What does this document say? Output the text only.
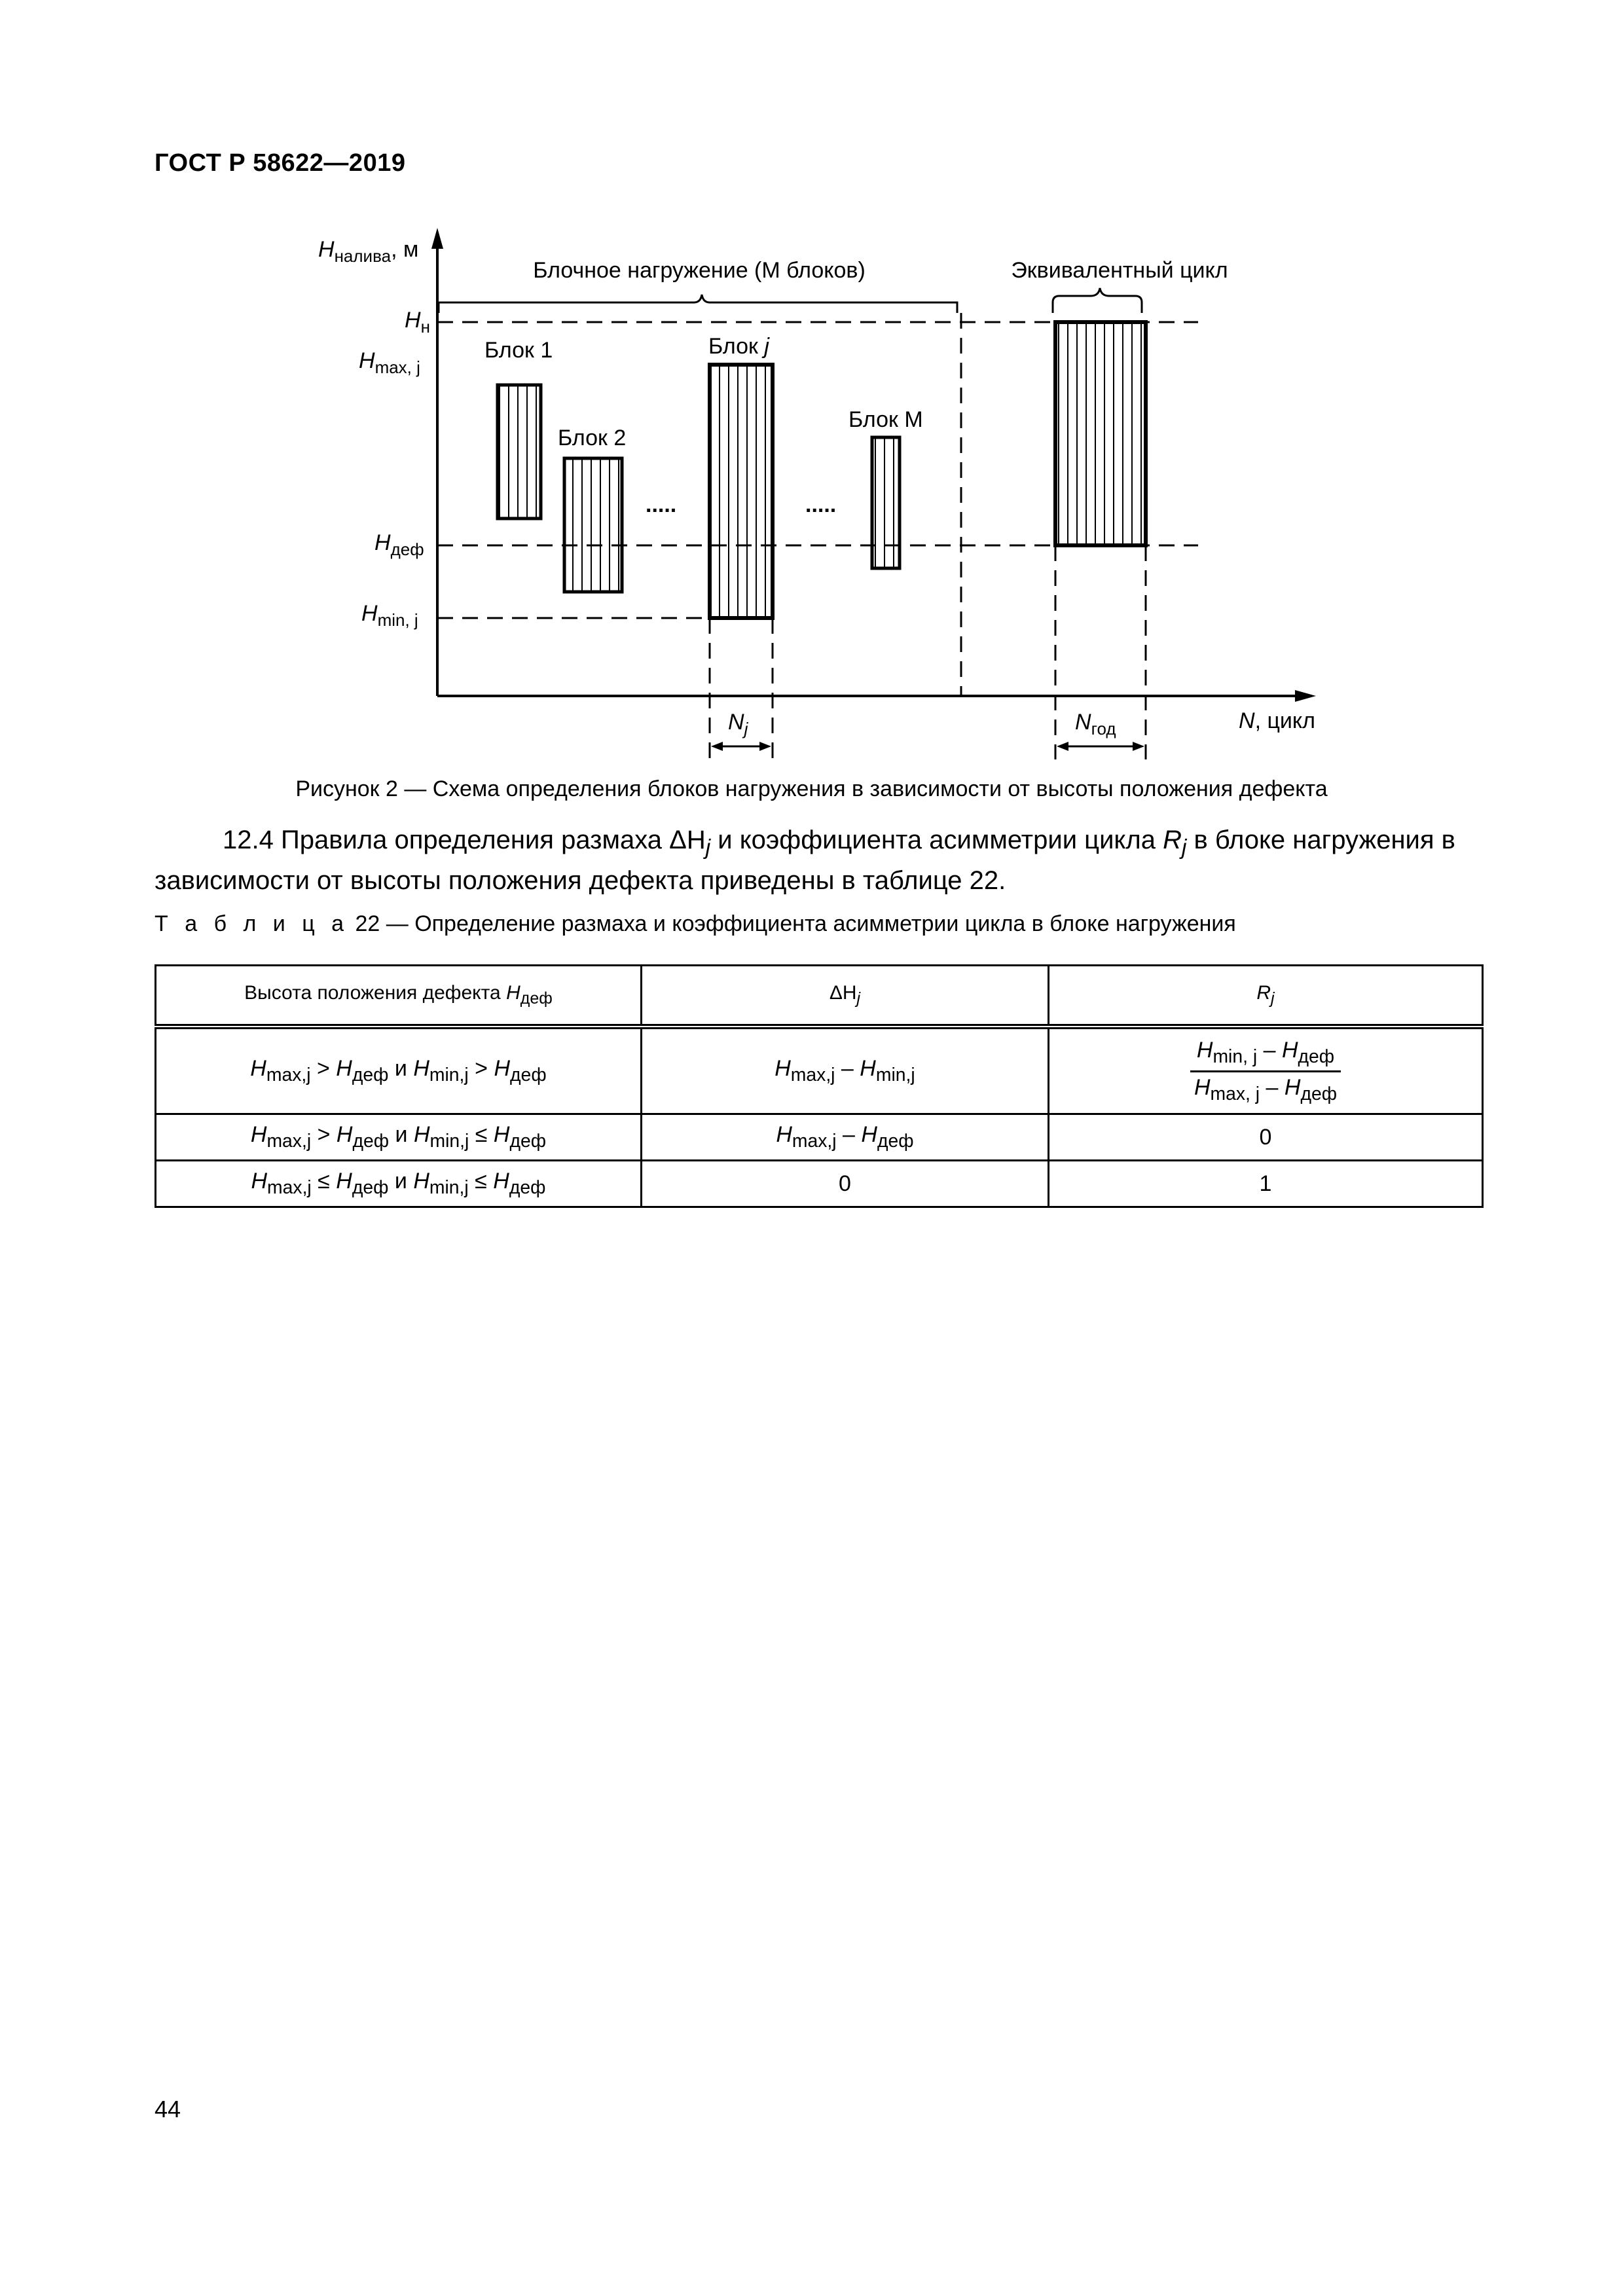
ГОСТ Р 58622—2019
$H_{налива}$, м
N, цикл
Блочное нагружение (М блоков)	Эквивалентный цикл
$H_н$
$H_{max, j}$
$H_{деф}$
$H_{min, j}$
Блок 1
Блок 2
Блок j
Блок М
.....	.....
$N_j$	$N_{год}$
Рисунок 2 — Схема определения блоков нагружения в зависимости от высоты положения дефекта
12.4 Правила определения размаха $\Delta H_j$ и коэффициента асимметрии цикла $R_j$ в блоке нагружения в зависимости от высоты положения дефекта приведены в таблице 22.
Т а б л и ц а 22 — Определение размаха и коэффициента асимметрии цикла в блоке нагружения
Высота положения дефекта $H_{деф}$	$\Delta H_j$	$R_j$
$H_{max,j} > H_{деф}$ и $H_{min,j} > H_{деф}$	$H_{max,j} - H_{min,j}$	$\frac{H_{min, j} - H_{деф}}{H_{max, j} - H_{деф}}$

$H_{max,j} > H_{деф}$ и $H_{min,j} \le H_{деф}$	$H_{max,j} - H_{деф}$	0
$H_{max,j} \le H_{деф}$ и $H_{min,j} \le H_{деф}$	0	1
44
